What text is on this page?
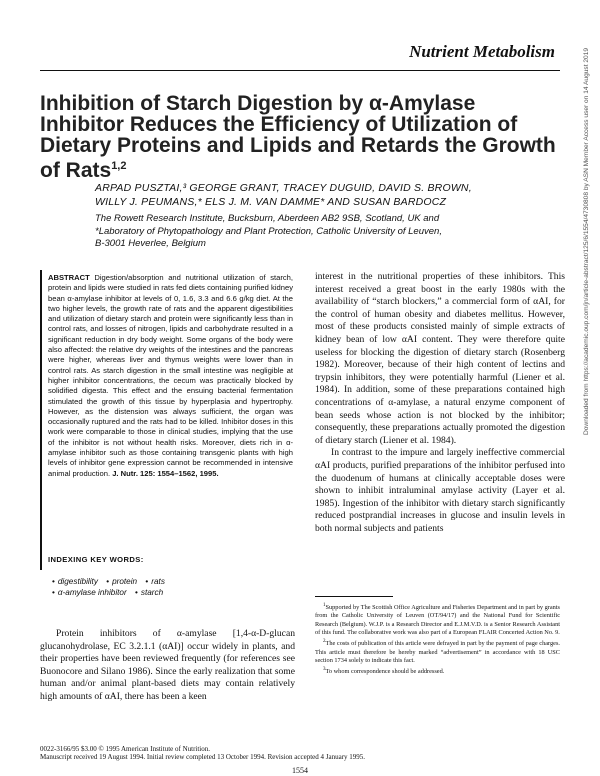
Nutrient Metabolism
Inhibition of Starch Digestion by α-Amylase Inhibitor Reduces the Efficiency of Utilization of Dietary Proteins and Lipids and Retards the Growth of Rats$^{1,2}$
ARPAD PUSZTAI,³ GEORGE GRANT, TRACEY DUGUID, DAVID S. BROWN,
WILLY J. PEUMANS,* ELS J. M. VAN DAMME* AND SUSAN BARDOCZ
The Rowett Research Institute, Bucksburn, Aberdeen AB2 9SB, Scotland, UK and
*Laboratory of Phytopathology and Plant Protection, Catholic University of Leuven,
B-3001 Heverlee, Belgium
ABSTRACT Digestion/absorption and nutritional utilization of starch, protein and lipids were studied in rats fed diets containing purified kidney bean α-amylase inhibitor at levels of 0, 1.6, 3.3 and 6.6 g/kg diet. At the two higher levels, the growth rate of rats and the apparent digestibilities and utilization of dietary starch and protein were significantly less than in control rats, and losses of nitrogen, lipids and carbohydrate resulted in a significant reduction in dry body weight. Some organs of the body were also affected: the relative dry weights of the intestines and the pancreas were higher, whereas liver and thymus weights were lower than in control rats. As starch digestion in the small intestine was negligible at higher inhibitor concentrations, the cecum was practically blocked by solidified digesta. This effect and the ensuing bacterial fermentation stimulated the growth of this tissue by hyperplasia and hypertrophy. However, as the distension was always sufficient, the organ was occasionally ruptured and the rats had to be killed. Inhibitor doses in this work were comparable to those in clinical studies, implying that the use of the inhibitor is not without health risks. Moreover, diets rich in α-amylase inhibitor such as those containing transgenic plants with high levels of inhibitor gene expression cannot be recommended in intensive animal production. J. Nutr. 125: 1554–1562, 1995.
INDEXING KEY WORDS:
• digestibility • protein • rats
• α-amylase inhibitor • starch
Protein inhibitors of α-amylase [1,4-α-D-glucan glucanohydrolase, EC 3.2.1.1 (αAI)] occur widely in plants, and their properties have been reviewed frequently (for references see Buonocore and Silano 1986). Since the early realization that some human and/or animal plant-based diets may contain relatively high amounts of αAI, there has been a keen

interest in the nutritional properties of these inhibitors. This interest received a great boost in the early 1980s with the availability of “starch blockers,” a commercial form of αAI, for the control of human obesity and diabetes mellitus. However, most of these products consisted mainly of simple extracts of kidney bean of low αAI content. They were therefore quite useless for blocking the digestion of dietary starch (Rosenberg 1982). Moreover, because of their high content of lectins and trypsin inhibitors, they were potentially harmful (Liener et al. 1984). In addition, some of these preparations contained high concentrations of α-amylase, a natural enzyme component of bean seeds whose action is not blocked by the inhibitor; consequently, these preparations actually promoted the digestion of dietary starch (Liener et al. 1984).

In contrast to the impure and largely ineffective commercial αAI products, purified preparations of the inhibitor perfused into the duodenum of humans at clinically acceptable doses were shown to inhibit intraluminal amylase activity (Layer et al. 1985). Ingestion of the inhibitor with dietary starch significantly reduced postprandial increases in glucose and insulin levels in both normal subjects and patients

$^1$Supported by The Scottish Office Agriculture and Fisheries Department and in part by grants from the Catholic University of Leuven (OT/94/17) and the National Fund for Scientific Research (Belgium). W.J.P. is a Research Director and E.J.M.V.D. is a Senior Research Assistant of this fund. The collaborative work was also part of a European FLAIR Concerted Action No. 9.

$^2$The costs of publication of this article were defrayed in part by the payment of page charges. This article must therefore be hereby marked “advertisement” in accordance with 18 USC section 1734 solely to indicate this fact.

$^3$To whom correspondence should be addressed.

0022-3166/95 $3.00 © 1995 American Institute of Nutrition.
Manuscript received 19 August 1994. Initial review completed 13 October 1994. Revision accepted 4 January 1995.
1554
Downloaded from https://academic.oup.com/jn/article-abstract/125/6/1554/4730808 by ASN Member Access user on 14 August 2019
